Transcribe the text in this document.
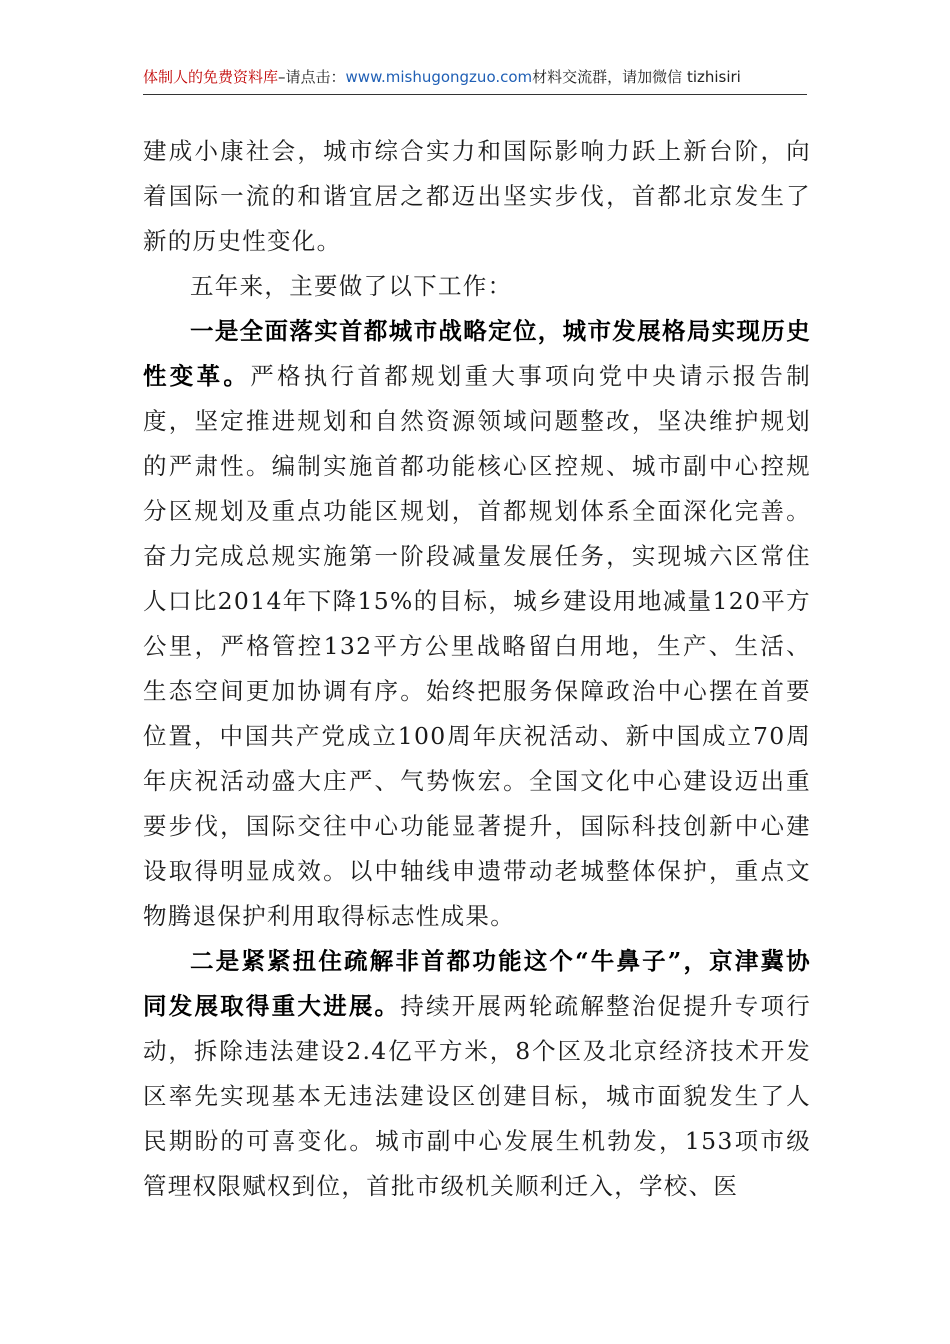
体制人的免费资料库–请点击：www.mishugongzuo.com材料交流群，请加微信 tizhisiri

建成小康社会，城市综合实力和国际影响力跃上新台阶，向着国际一流的和谐宜居之都迈出坚实步伐，首都北京发生了新的历史性变化。

五年来，主要做了以下工作：

一是全面落实首都城市战略定位，城市发展格局实现历史性变革。严格执行首都规划重大事项向党中央请示报告制度，坚定推进规划和自然资源领域问题整改，坚决维护规划的严肃性。编制实施首都功能核心区控规、城市副中心控规分区规划及重点功能区规划，首都规划体系全面深化完善。奋力完成总规实施第一阶段减量发展任务，实现城六区常住人口比2014年下降15%的目标，城乡建设用地减量120平方公里，严格管控132平方公里战略留白用地，生产、生活、生态空间更加协调有序。始终把服务保障政治中心摆在首要位置，中国共产党成立100周年庆祝活动、新中国成立70周年庆祝活动盛大庄严、气势恢宏。全国文化中心建设迈出重要步伐，国际交往中心功能显著提升，国际科技创新中心建设取得明显成效。以中轴线申遗带动老城整体保护，重点文物腾退保护利用取得标志性成果。

二是紧紧扭住疏解非首都功能这个“牛鼻子”，京津冀协同发展取得重大进展。持续开展两轮疏解整治促提升专项行动，拆除违法建设2.4亿平方米，8个区及北京经济技术开发区率先实现基本无违法建设区创建目标，城市面貌发生了人民期盼的可喜变化。城市副中心发展生机勃发，153项市级管理权限赋权到位，首批市级机关顺利迁入，学校、医
